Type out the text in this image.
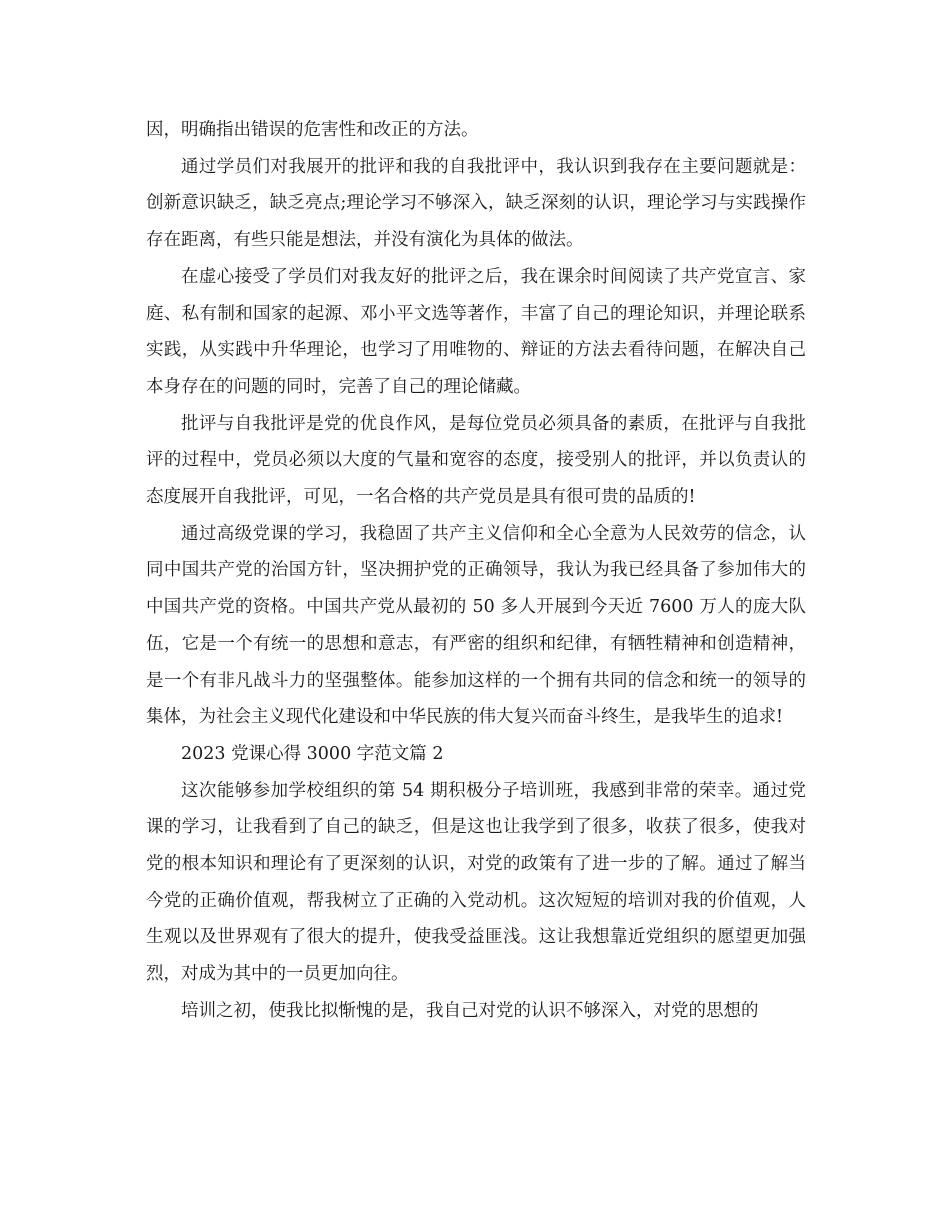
因，明确指出错误的危害性和改正的方法。

通过学员们对我展开的批评和我的自我批评中，我认识到我存在主要问题就是：创新意识缺乏，缺乏亮点;理论学习不够深入，缺乏深刻的认识，理论学习与实践操作存在距离，有些只能是想法，并没有演化为具体的做法。

在虚心接受了学员们对我友好的批评之后，我在课余时间阅读了共产党宣言、家庭、私有制和国家的起源、邓小平文选等著作，丰富了自己的理论知识，并理论联系实践，从实践中升华理论，也学习了用唯物的、辩证的方法去看待问题，在解决自己本身存在的问题的同时，完善了自己的理论储藏。

批评与自我批评是党的优良作风，是每位党员必须具备的素质，在批评与自我批评的过程中，党员必须以大度的气量和宽容的态度，接受别人的批评，并以负责认的态度展开自我批评，可见，一名合格的共产党员是具有很可贵的品质的!

通过高级党课的学习，我稳固了共产主义信仰和全心全意为人民效劳的信念，认同中国共产党的治国方针，坚决拥护党的正确领导，我认为我已经具备了参加伟大的中国共产党的资格。中国共产党从最初的 50 多人开展到今天近 7600 万人的庞大队伍，它是一个有统一的思想和意志，有严密的组织和纪律，有牺牲精神和创造精神，是一个有非凡战斗力的坚强整体。能参加这样的一个拥有共同的信念和统一的领导的集体，为社会主义现代化建设和中华民族的伟大复兴而奋斗终生，是我毕生的追求!

2023 党课心得 3000 字范文篇 2

这次能够参加学校组织的第 54 期积极分子培训班，我感到非常的荣幸。通过党课的学习，让我看到了自己的缺乏，但是这也让我学到了很多，收获了很多，使我对党的根本知识和理论有了更深刻的认识，对党的政策有了进一步的了解。通过了解当今党的正确价值观，帮我树立了正确的入党动机。这次短短的培训对我的价值观，人生观以及世界观有了很大的提升，使我受益匪浅。这让我想靠近党组织的愿望更加强烈，对成为其中的一员更加向往。

培训之初，使我比拟惭愧的是，我自己对党的认识不够深入，对党的思想的
